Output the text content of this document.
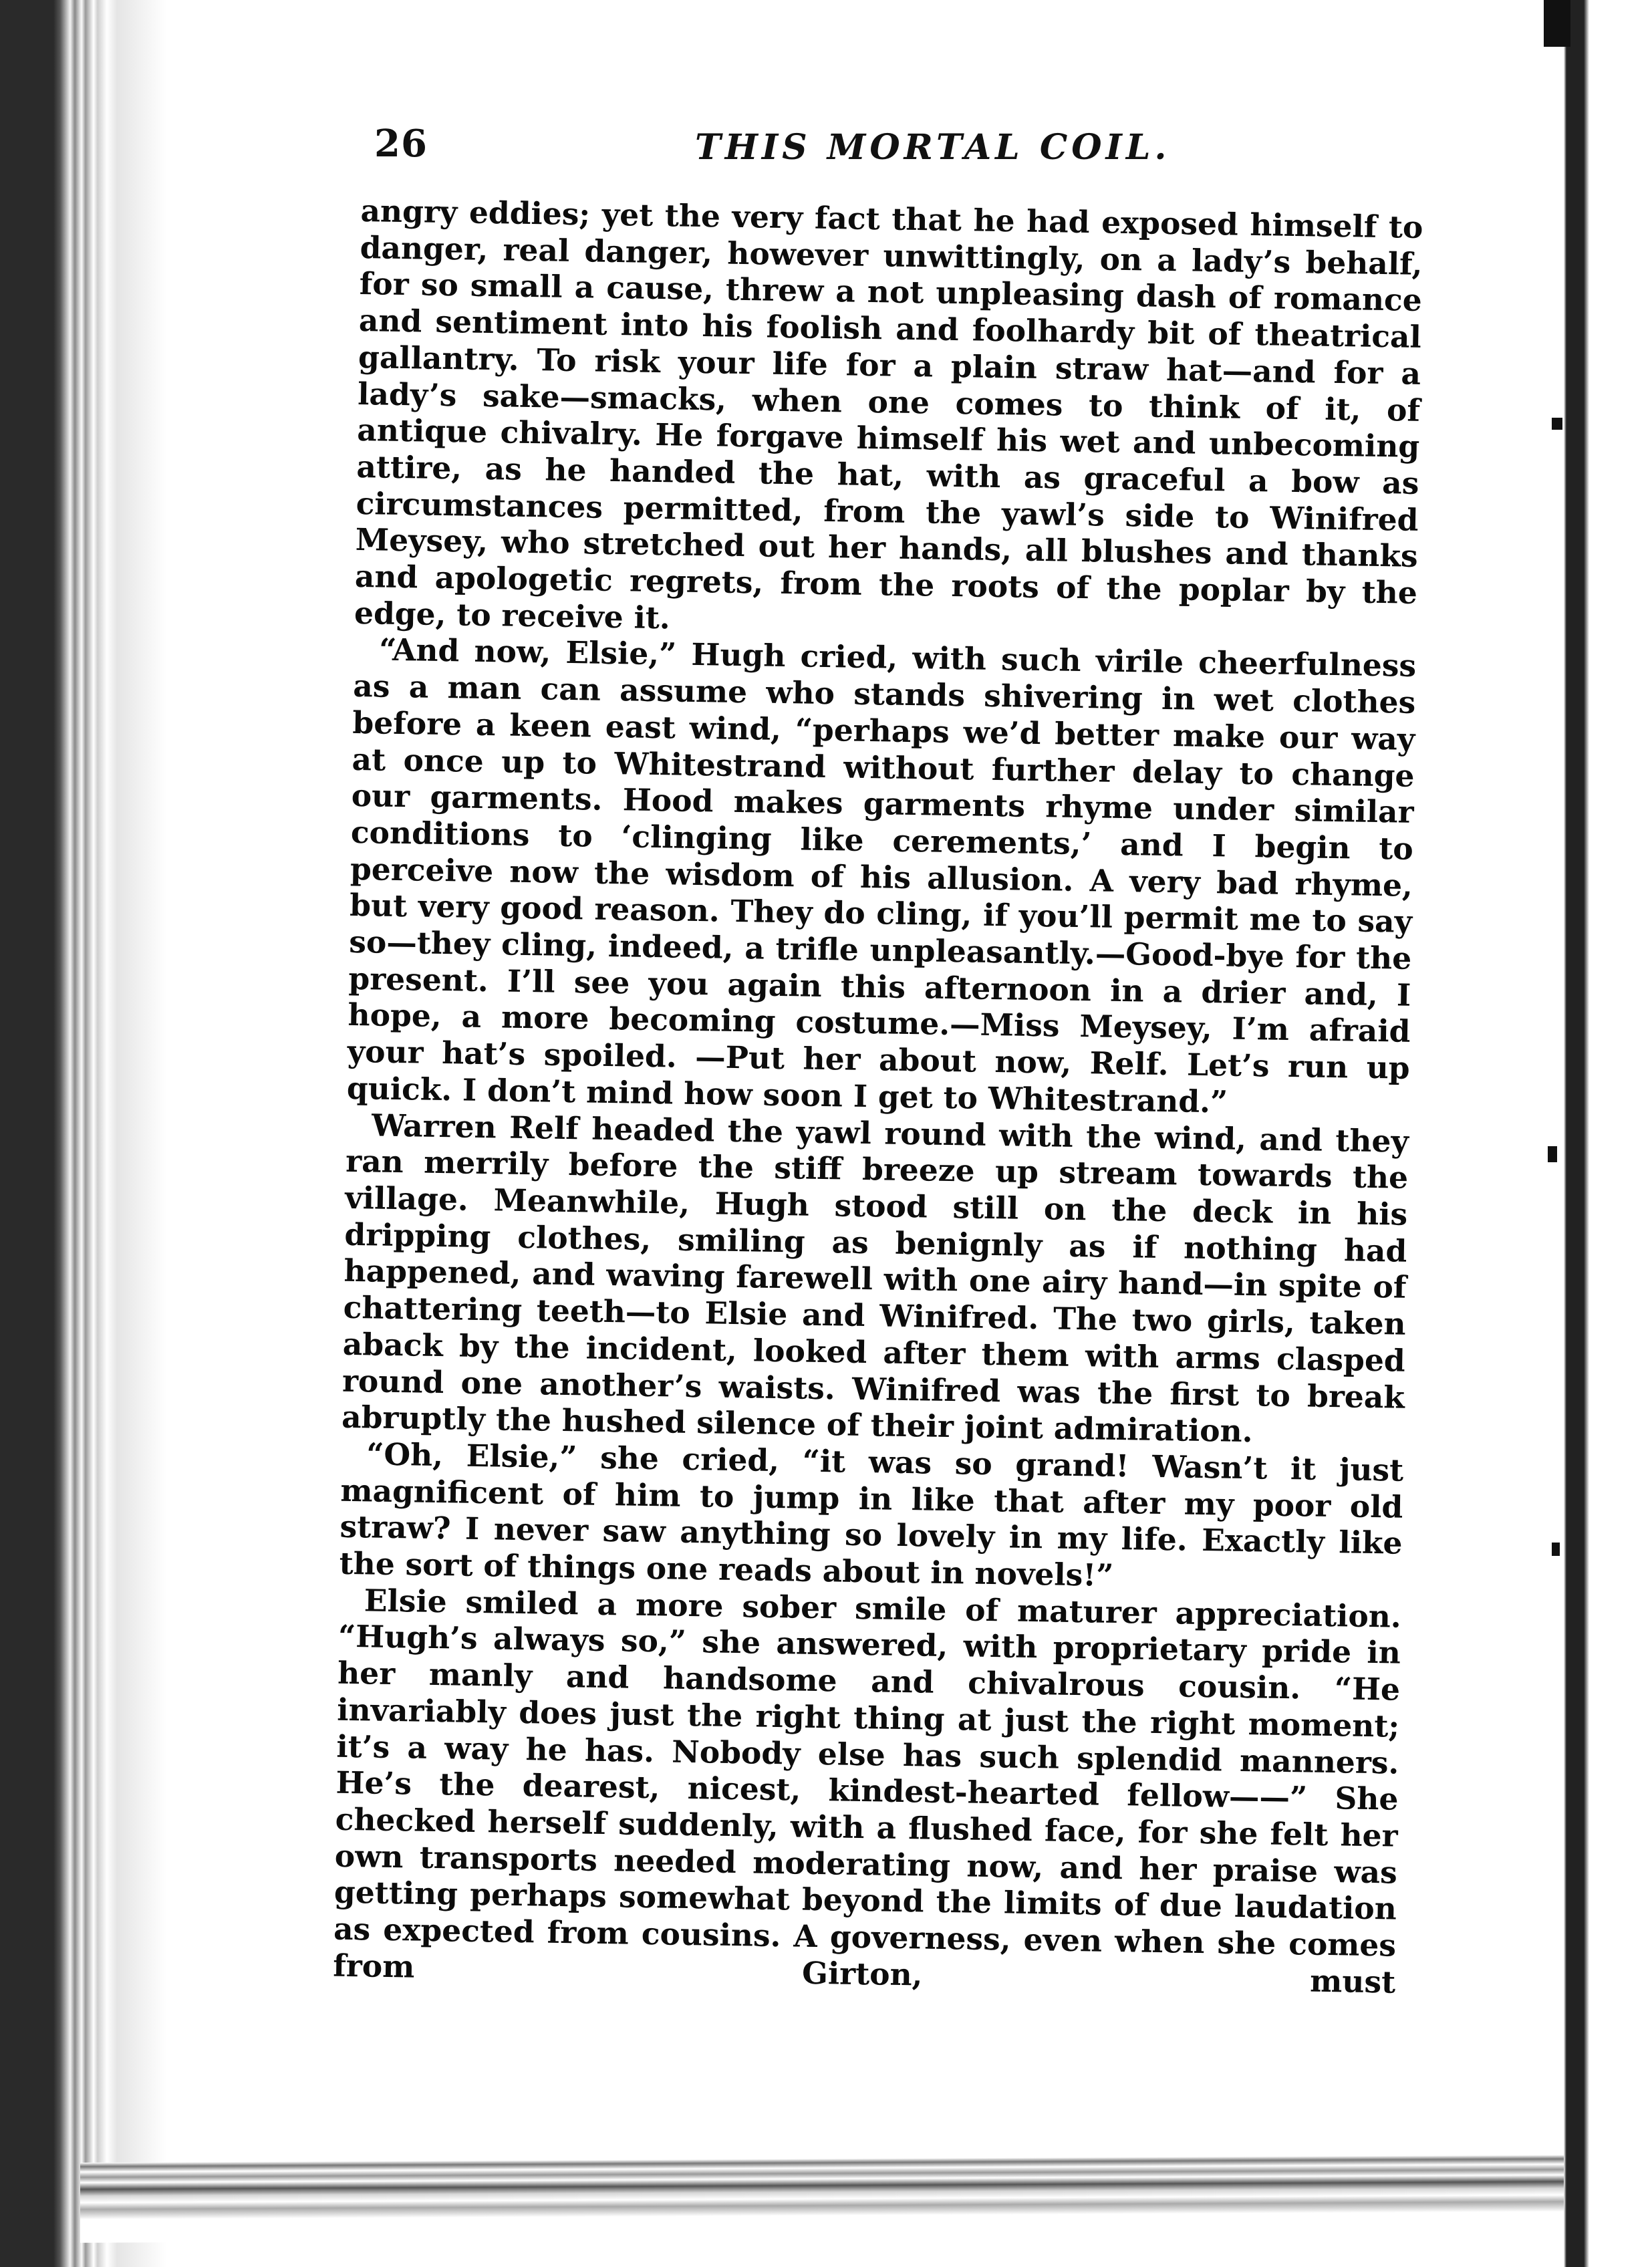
26	THIS MORTAL COIL.

angry eddies; yet the very fact that he had exposed himself to danger, real danger, however unwittingly, on a lady’s behalf, for so small a cause, threw a not unpleasing dash of romance and sentiment into his foolish and foolhardy bit of theatrical gallantry. To risk your life for a plain straw hat—and for a lady’s sake—smacks, when one comes to think of it, of antique chivalry. He forgave himself his wet and unbecoming attire, as he handed the hat, with as graceful a bow as circumstances permitted, from the yawl’s side to Winifred Meysey, who stretched out her hands, all blushes and thanks and apologetic regrets, from the roots of the poplar by the edge, to receive it.

“And now, Elsie,” Hugh cried, with such virile cheerfulness as a man can assume who stands shivering in wet clothes before a keen east wind, “perhaps we’d better make our way at once up to Whitestrand without further delay to change our garments. Hood makes garments rhyme under similar conditions to ‘clinging like cerements,’ and I begin to perceive now the wisdom of his allusion. A very bad rhyme, but very good reason. They do cling, if you’ll permit me to say so—they cling, indeed, a trifle unpleasantly.—Good-bye for the present. I’ll see you again this afternoon in a drier and, I hope, a more becoming costume.—Miss Meysey, I’m afraid your hat’s spoiled. —Put her about now, Relf. Let’s run up quick. I don’t mind how soon I get to Whitestrand.”

Warren Relf headed the yawl round with the wind, and they ran merrily before the stiff breeze up stream towards the village. Meanwhile, Hugh stood still on the deck in his dripping clothes, smiling as benignly as if nothing had happened, and waving farewell with one airy hand—in spite of chattering teeth—to Elsie and Winifred. The two girls, taken aback by the incident, looked after them with arms clasped round one another’s waists. Winifred was the first to break abruptly the hushed silence of their joint admiration.

“Oh, Elsie,” she cried, “it was so grand! Wasn’t it just magnificent of him to jump in like that after my poor old straw? I never saw anything so lovely in my life. Exactly like the sort of things one reads about in novels!”

Elsie smiled a more sober smile of maturer appreciation. “Hugh’s always so,” she answered, with proprietary pride in her manly and handsome and chivalrous cousin. “He invariably does just the right thing at just the right moment; it’s a way he has. Nobody else has such splendid manners. He’s the dearest, nicest, kindest-hearted fellow——” She checked herself suddenly, with a flushed face, for she felt her own transports needed moderating now, and her praise was getting perhaps somewhat beyond the limits of due laudation as expected from cousins. A governess, even when she comes from Girton, must
